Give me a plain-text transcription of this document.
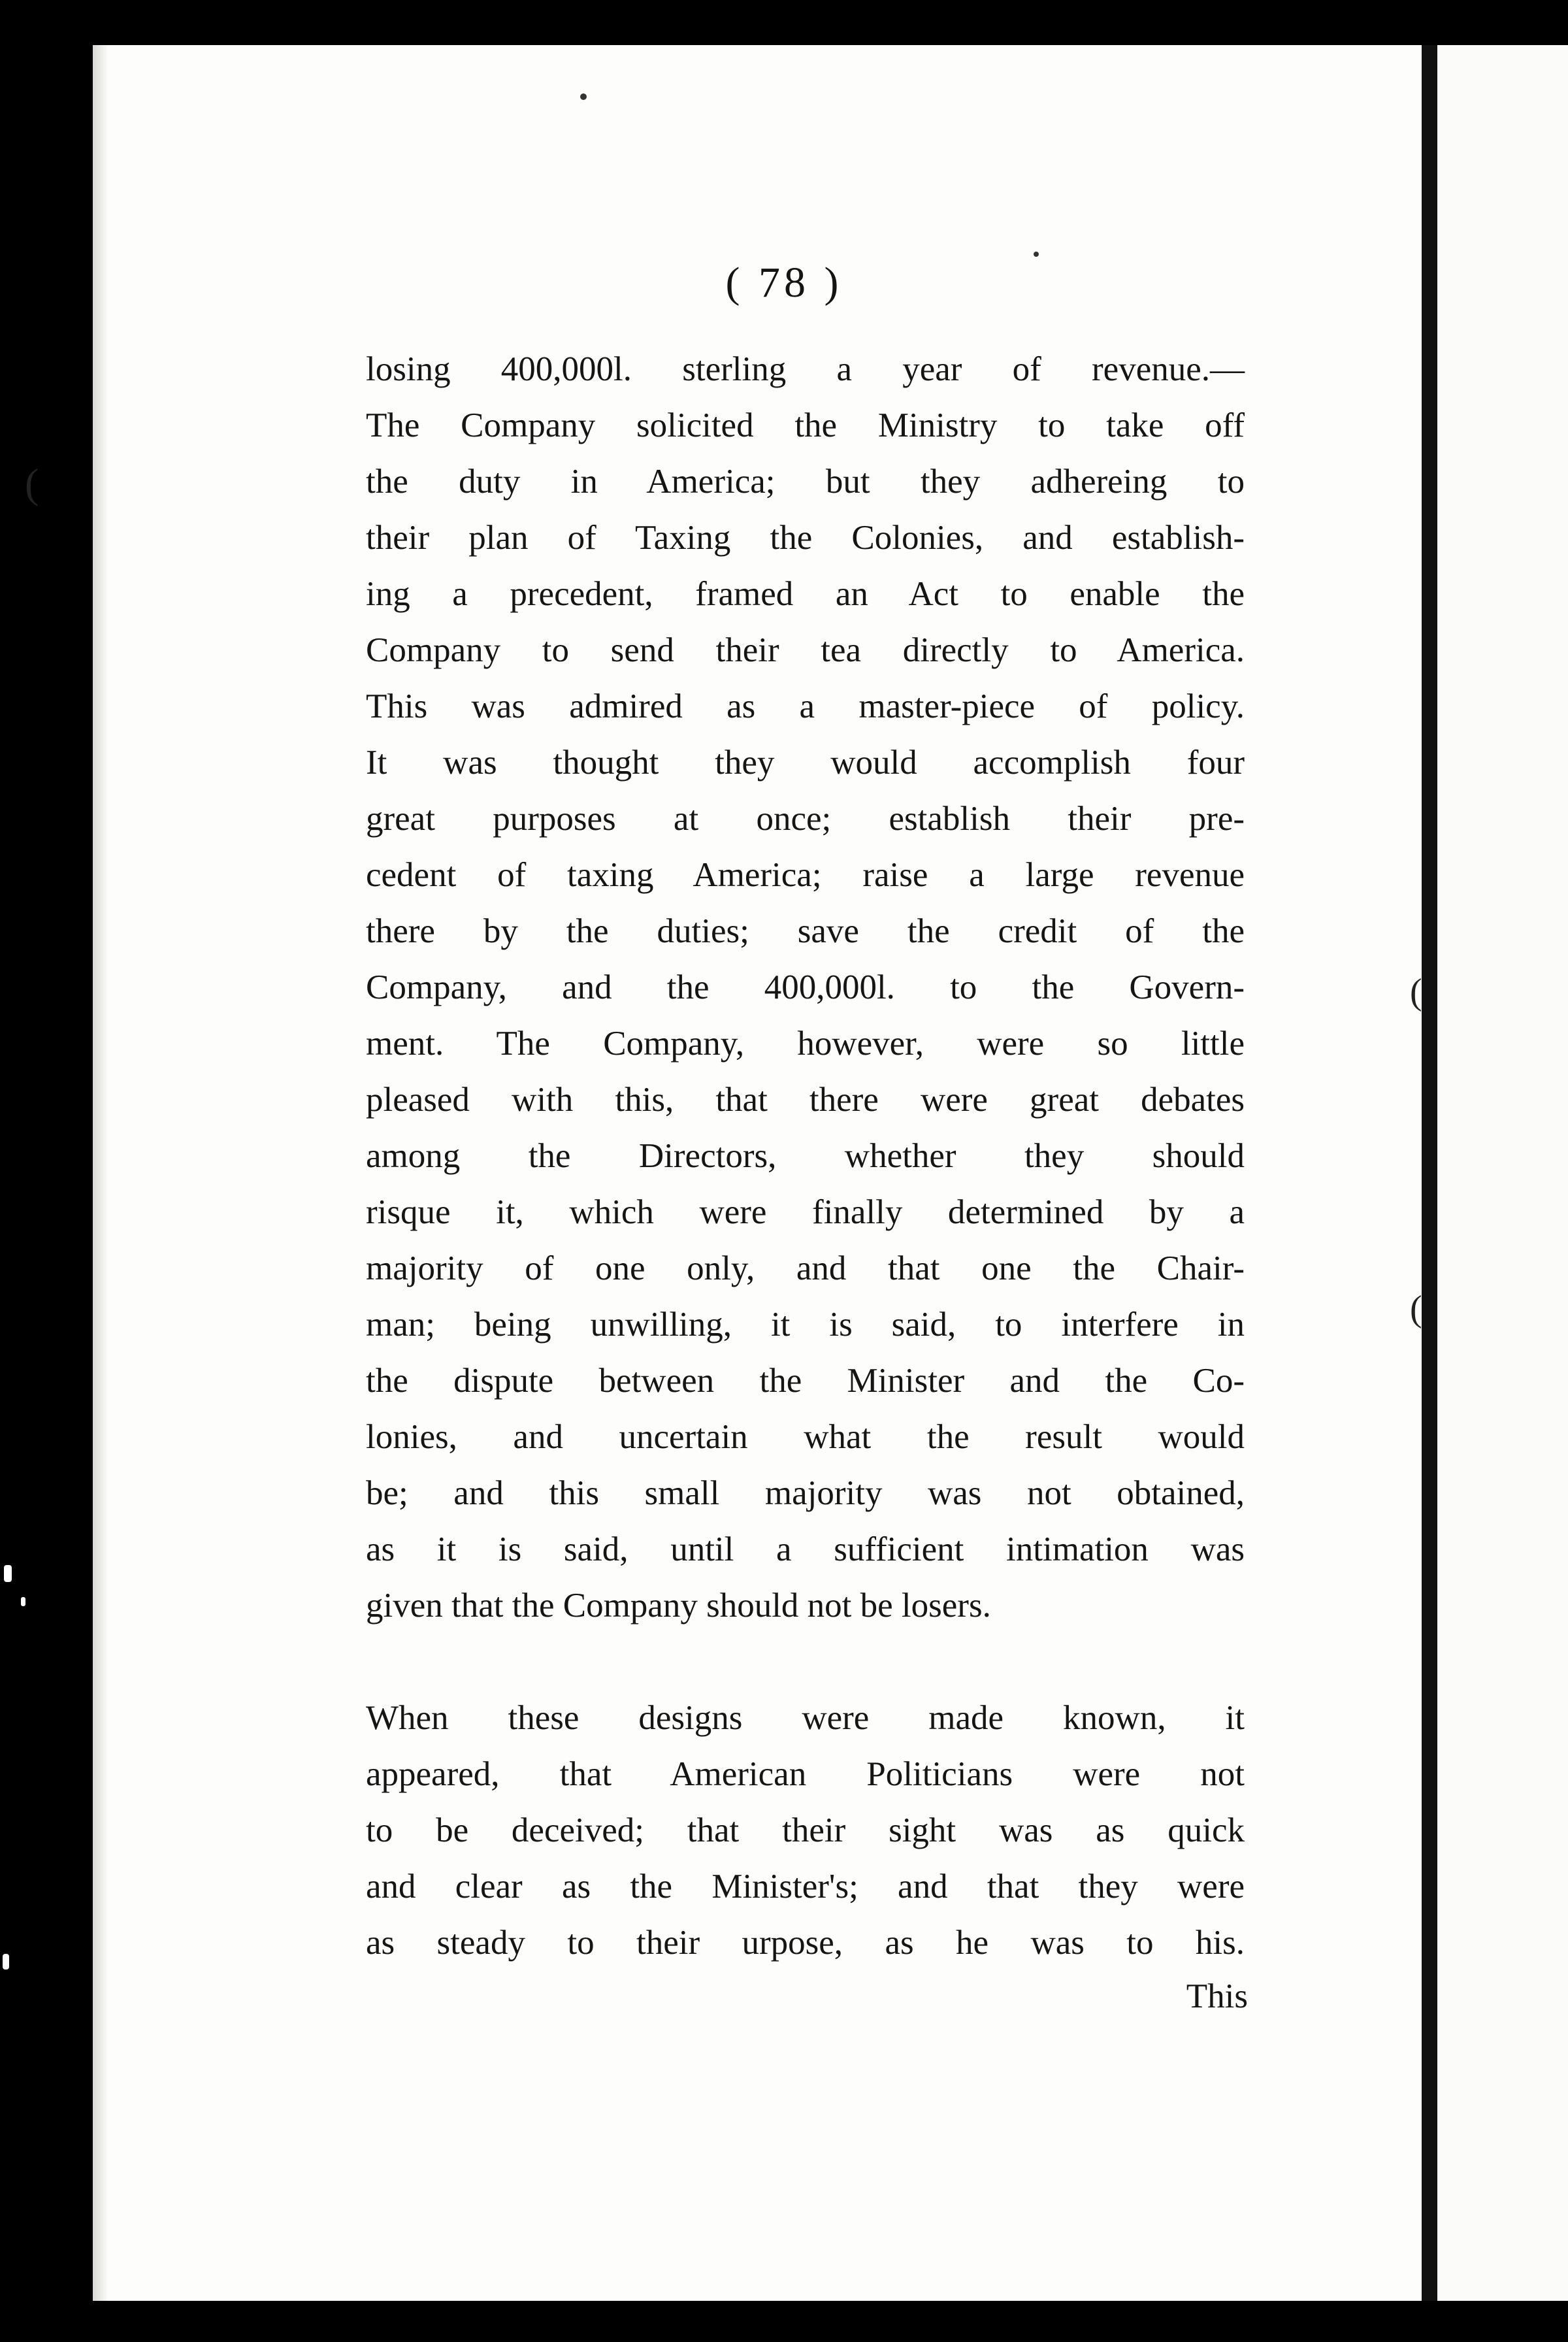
(
(
(
( 78 )
losing 400,000l. sterling a year of revenue.—
The Company solicited the Ministry to take off
the duty in America; but they adhereing to
their plan of Taxing the Colonies, and establish-
ing a precedent, framed an Act to enable the
Company to send their tea directly to America.
This was admired as a master-piece of policy.
It was thought they would accomplish four
great purposes at once; establish their pre-
cedent of taxing America; raise a large revenue
there by the duties; save the credit of the
Company, and the 400,000l. to the Govern-
ment. The Company, however, were so little
pleased with this, that there were great debates
among the Directors, whether they should
risque it, which were finally determined by a
majority of one only, and that one the Chair-
man; being unwilling, it is said, to interfere in
the dispute between the Minister and the Co-
lonies, and uncertain what the result would
be; and this small majority was not obtained,
as it is said, until a sufficient intimation was
given that the Company should not be losers.
When these designs were made known, it
appeared, that American Politicians were not
to be deceived; that their sight was as quick
and clear as the Minister's; and that they were
as steady to their urpose, as he was to his.
This
